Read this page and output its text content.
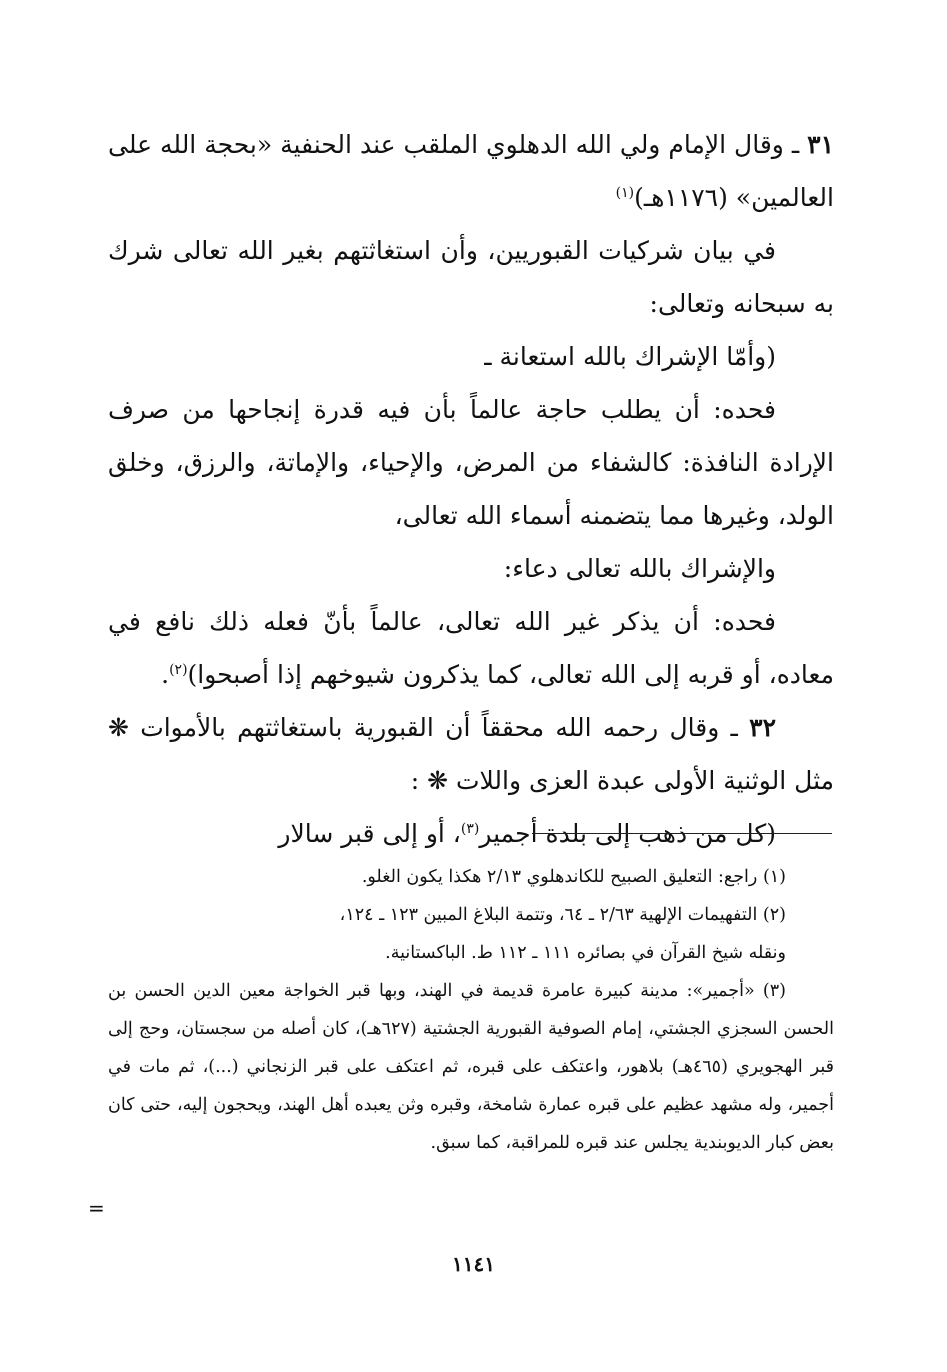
٣١ ـ وقال الإمام ولي الله الدهلوي الملقب عند الحنفية «بحجة الله على العالمين» (١١٧٦هـ)$^{(١)}$

في بيان شركيات القبوريين، وأن استغاثتهم بغير الله تعالى شرك به سبحانه وتعالى:

(وأمّا الإشراك بالله استعانة ـ

فحده: أن يطلب حاجة عالماً بأن فيه قدرة إنجاحها من صرف الإرادة النافذة: كالشفاء من المرض، والإحياء، والإماتة، والرزق، وخلق الولد، وغيرها مما يتضمنه أسماء الله تعالى،

والإشراك بالله تعالى دعاء:

فحده: أن يذكر غير الله تعالى، عالماً بأنّ فعله ذلك نافع في معاده، أو قربه إلى الله تعالى، كما يذكرون شيوخهم إذا أصبحوا)$^{(٢)}$.

٣٢ ـ وقال رحمه الله محققاً أن القبورية باستغاثتهم بالأموات ❋ مثل الوثنية الأولى عبدة العزى واللات ❋ :

(كل من ذهب إلى بلدة أجمير$^{(٣)}$، أو إلى قبر سالار

(١) راجع: التعليق الصبيح للكاندهلوي ٢/١٣ هكذا يكون الغلو.

(٢) التفهيمات الإلهية ٢/٦٣ ـ ٦٤، وتتمة البلاغ المبين ١٢٣ ـ ١٢٤،

ونقله شيخ القرآن في بصائره ١١١ ـ ١١٢ ط. الباكستانية.

(٣) «أجمير»: مدينة كبيرة عامرة قديمة في الهند، وبها قبر الخواجة معين الدين الحسن بن الحسن السجزي الجشتي، إمام الصوفية القبورية الجشتية (٦٢٧هـ)، كان أصله من سجستان، وحج إلى قبر الهجويري (٤٦٥هـ) بلاهور، واعتكف على قبره، ثم اعتكف على قبر الزنجاني (...)، ثم مات في أجمير، وله مشهد عظيم على قبره عمارة شامخة، وقبره وثن يعبده أهل الهند، ويحجون إليه، حتى كان بعض كبار الديوبندية يجلس عند قبره للمراقبة، كما سبق.

=
١١٤١
